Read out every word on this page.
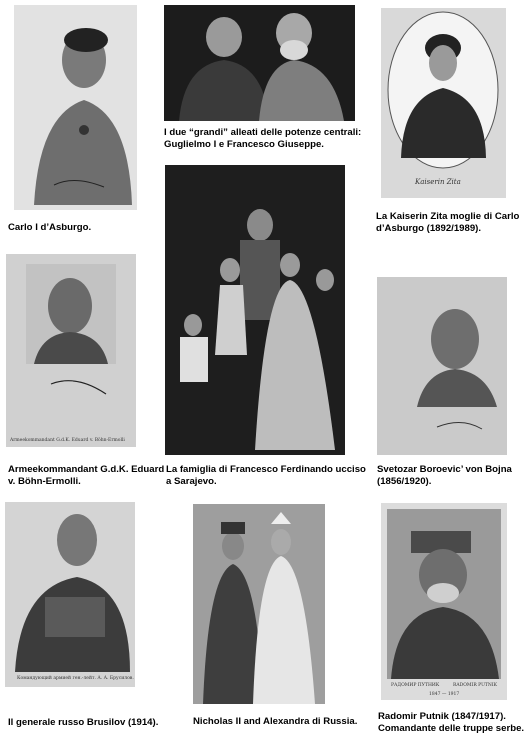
Carlo I d’Asburgo.
I due “grandi” alleati delle potenze centrali:
Guglielmo I e Francesco Giuseppe.
Kaiserin Zita
La Kaiserin Zita moglie di Carlo
d’Asburgo (1892/1989).
Armeekommandant G.d.K. Eduard v. Böhn-Ermolli
Armeekommandant G.d.K. Eduard
v. Böhn-Ermolli.
La famiglia di Francesco Ferdinando ucciso
a Sarajevo.
Svetozar Boroevic’ von Bojna
(1856/1920).
Командующий армией ген.-лейт. А. А. Брусилов.
Il generale russo Brusilov (1914).	Nicholas II and Alexandra di Russia.
РАДОМИР ПУТНИК	RADOMIR PUTNIK
1847 — 1917
Radomir Putnik (1847/1917).
Comandante delle truppe serbe.
